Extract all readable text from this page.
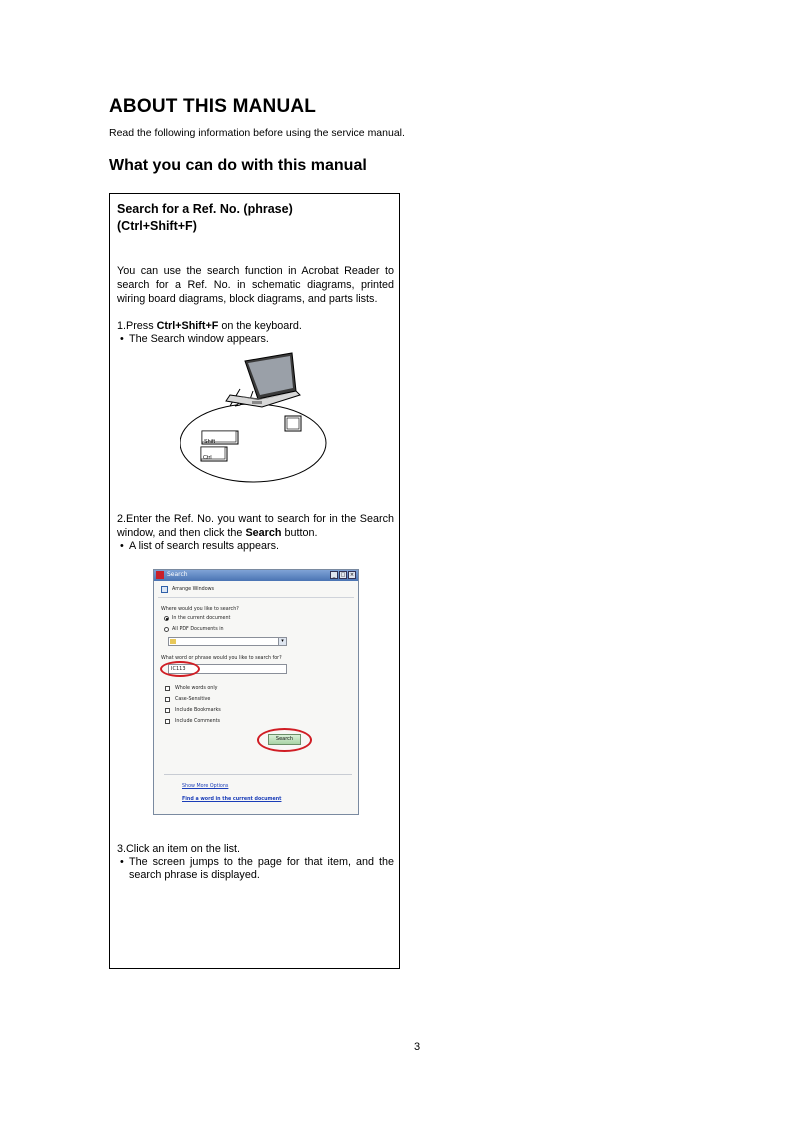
ABOUT THIS MANUAL
Read the following information before using the service manual.
What you can do with this manual
Search for a Ref. No. (phrase)
(Ctrl+Shift+F)
You can use the search function in Acrobat Reader to search for a Ref. No. in schematic diagrams, printed wiring board diagrams, block diagrams, and parts lists.
1.Press Ctrl+Shift+F on the keyboard.
• The Search window appears.
Shift
Ctrl
2.Enter the Ref. No. you want to search for in the Search window, and then click the Search button.
• A list of search results appears.
Search	_	□ ×
Arrange Windows
Where would you like to search?
In the current document
All PDF Documents in
▾
What word or phrase would you like to search for?
IC113
Whole words only
Case-Sensitive
Include Bookmarks
Include Comments
Search
Show More Options
Find a word in the current document
3.Click an item on the list.
• The screen jumps to the page for that item, and the search phrase is displayed.
3
